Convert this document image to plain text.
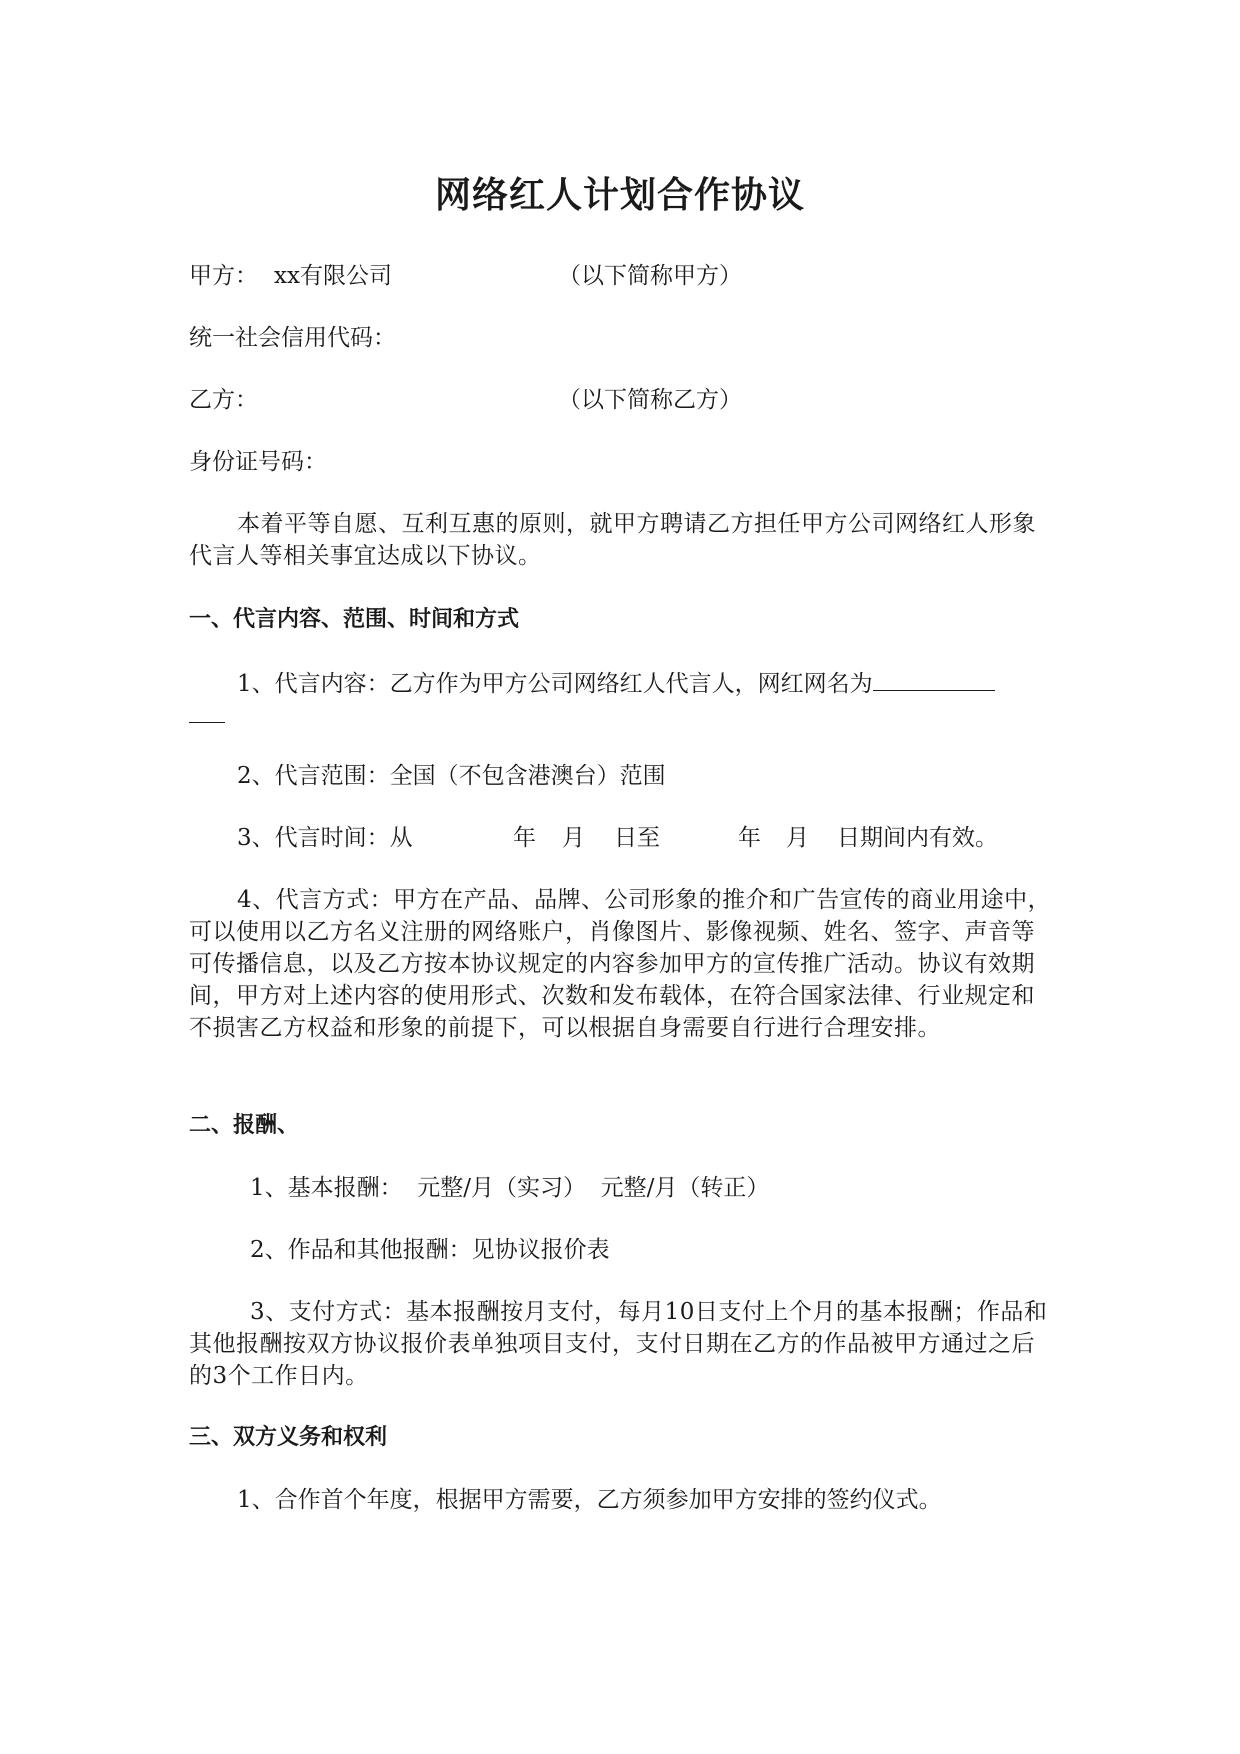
网络红人计划合作协议
甲方： xx有限公司	（以下简称甲方）
统一社会信用代码：
乙方：	（以下简称乙方）
身份证号码：
本着平等自愿、互利互惠的原则，就甲方聘请乙方担任甲方公司网络红人形象代言人等相关事宜达成以下协议。
一、代言内容、范围、时间和方式
1、代言内容：乙方作为甲方公司网络红人代言人，网红网名为
2、代言范围：全国（不包含港澳台）范围
3、代言时间：从	年 月 日至	年 月 日期间内有效。
4、代言方式：甲方在产品、品牌、公司形象的推介和广告宣传的商业用途中，可以使用以乙方名义注册的网络账户，肖像图片、影像视频、姓名、签字、声音等可传播信息，以及乙方按本协议规定的内容参加甲方的宣传推广活动。协议有效期间，甲方对上述内容的使用形式、次数和发布载体，在符合国家法律、行业规定和不损害乙方权益和形象的前提下，可以根据自身需要自行进行合理安排。
二、报酬、
1、基本报酬：  元整/月（实习）  元整/月（转正）
2、作品和其他报酬：见协议报价表
3、支付方式：基本报酬按月支付，每月10日支付上个月的基本报酬；作品和其他报酬按双方协议报价表单独项目支付，支付日期在乙方的作品被甲方通过之后的3个工作日内。
三、双方义务和权利
1、合作首个年度，根据甲方需要，乙方须参加甲方安排的签约仪式。
